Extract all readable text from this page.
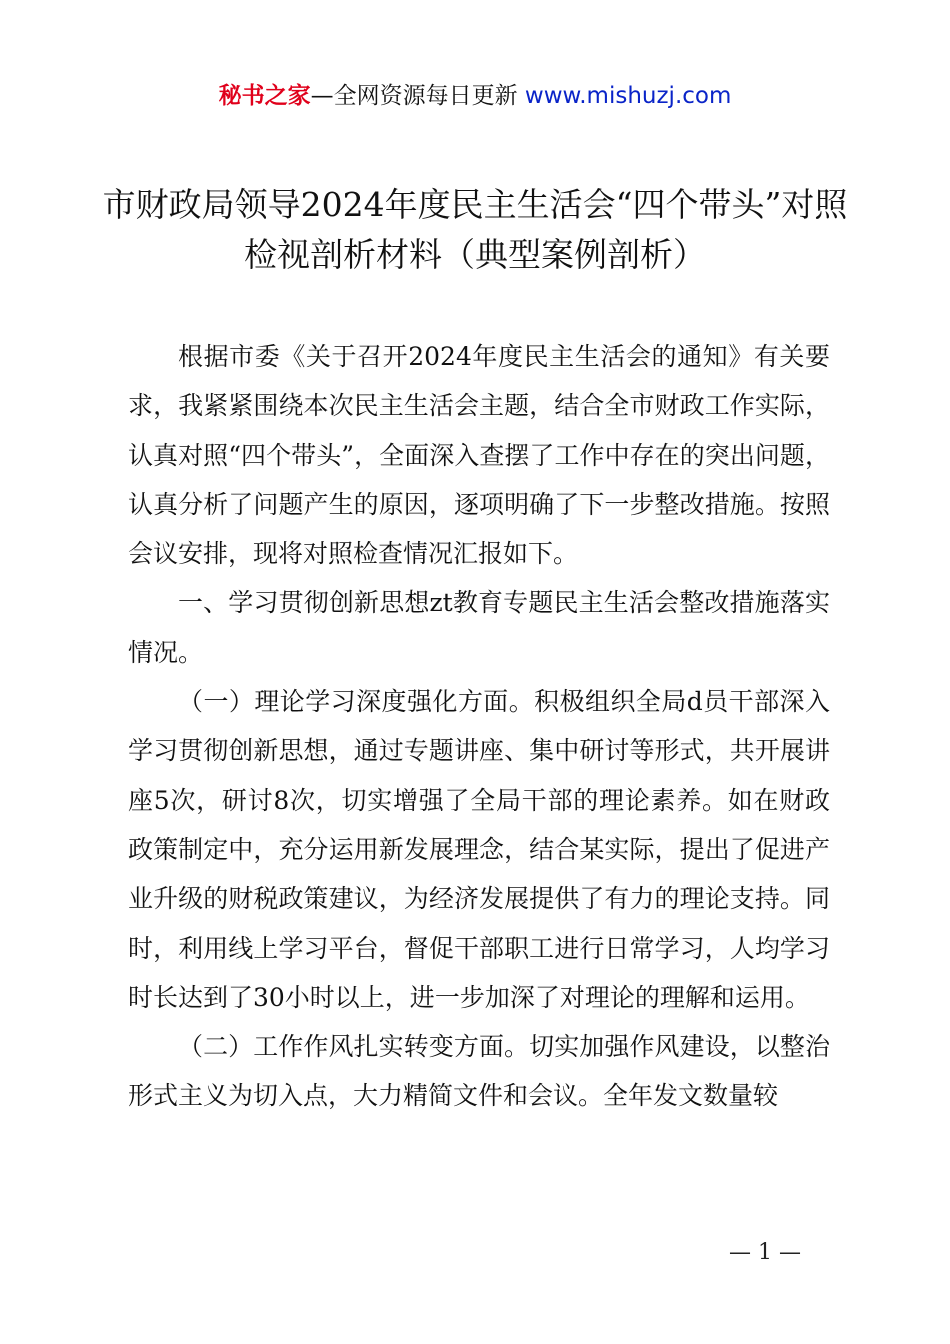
秘书之家—全网资源每日更新 www.mishuzj.com
市财政局领导2024年度民主生活会“四个带头”对照检视剖析材料（典型案例剖析）

根据市委《关于召开2024年度民主生活会的通知》有关要求，我紧紧围绕本次民主生活会主题，结合全市财政工作实际，认真对照“四个带头”，全面深入查摆了工作中存在的突出问题，认真分析了问题产生的原因，逐项明确了下一步整改措施。按照会议安排，现将对照检查情况汇报如下。

一、学习贯彻创新思想zt教育专题民主生活会整改措施落实情况。

（一）理论学习深度强化方面。积极组织全局d员干部深入学习贯彻创新思想，通过专题讲座、集中研讨等形式，共开展讲座5次，研讨8次，切实增强了全局干部的理论素养。如在财政政策制定中，充分运用新发展理念，结合某实际，提出了促进产业升级的财税政策建议，为经济发展提供了有力的理论支持。同时，利用线上学习平台，督促干部职工进行日常学习，人均学习时长达到了30小时以上，进一步加深了对理论的理解和运用。

（二）工作作风扎实转变方面。切实加强作风建设，以整治形式主义为切入点，大力精简文件和会议。全年发文数量较

— 1 —
